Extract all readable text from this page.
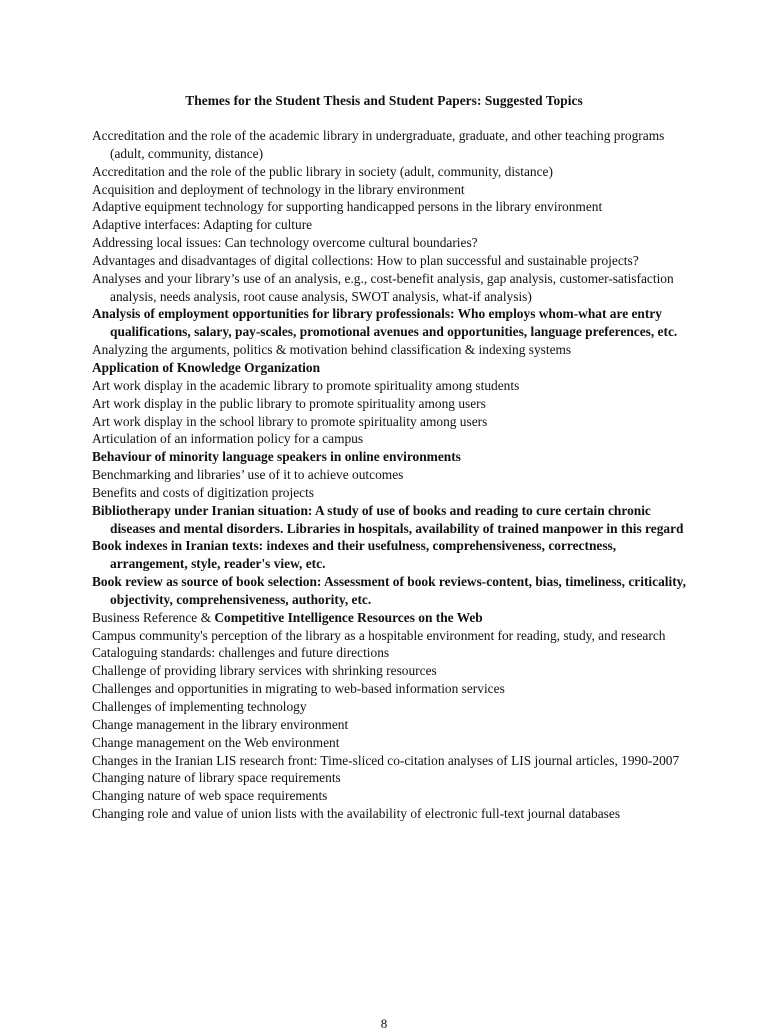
Themes for the Student Thesis and Student Papers: Suggested Topics
Accreditation and the role of the academic library in undergraduate, graduate, and other teaching programs (adult, community, distance)
Accreditation and the role of the public library in society (adult, community, distance)
Acquisition and deployment of technology in the library environment
Adaptive equipment technology for supporting handicapped persons in the library environment
Adaptive interfaces: Adapting for culture
Addressing local issues: Can technology overcome cultural boundaries?
Advantages and disadvantages of digital collections: How to plan successful and sustainable projects?
Analyses and your library’s use of an analysis, e.g., cost-benefit analysis, gap analysis, customer-satisfaction analysis, needs analysis, root cause analysis, SWOT analysis, what-if analysis)
Analysis of employment opportunities for library professionals: Who employs whom-what are entry qualifications, salary, pay-scales, promotional avenues and opportunities, language preferences, etc.
Analyzing the arguments, politics & motivation behind classification & indexing systems
Application of Knowledge Organization
Art work display in the academic library to promote spirituality among students
Art work display in the public library to promote spirituality among users
Art work display in the school library to promote spirituality among users
Articulation of an information policy for a campus
Behaviour of minority language speakers in online environments
Benchmarking and libraries’ use of it to achieve outcomes
Benefits and costs of digitization projects
Bibliotherapy under Iranian situation: A study of use of books and reading to cure certain chronic diseases and mental disorders. Libraries in hospitals, availability of trained manpower in this regard
Book indexes in Iranian texts: indexes and their usefulness, comprehensiveness, correctness, arrangement, style, reader's view, etc.
Book review as source of book selection: Assessment of book reviews-content, bias, timeliness, criticality, objectivity, comprehensiveness, authority, etc.
Business Reference & Competitive Intelligence Resources on the Web
Campus community's perception of the library as a hospitable environment for reading, study, and research
Cataloguing standards: challenges and future directions
Challenge of providing library services with shrinking resources
Challenges and opportunities in migrating to web-based information services
Challenges of implementing technology
Change management in the library environment
Change management on the Web environment
Changes in the Iranian LIS research front: Time-sliced co-citation analyses of LIS journal articles, 1990-2007
Changing nature of library space requirements
Changing nature of web space requirements
Changing role and value of union lists with the availability of electronic full-text journal databases
8
